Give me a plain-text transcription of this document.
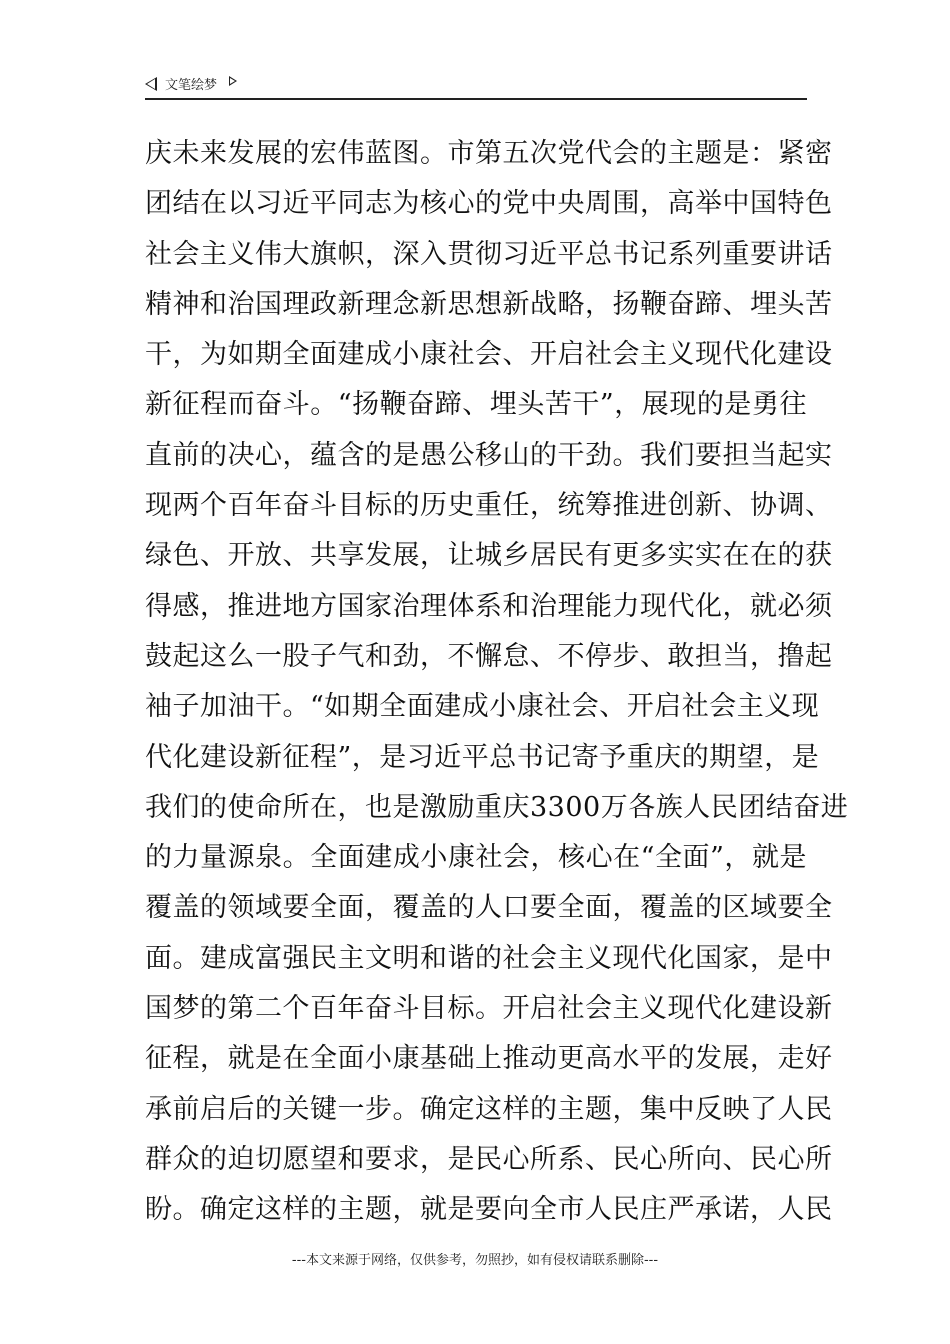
文笔绘梦
庆未来发展的宏伟蓝图。市第五次党代会的主题是：紧密
团结在以习近平同志为核心的党中央周围，高举中国特色
社会主义伟大旗帜，深入贯彻习近平总书记系列重要讲话
精神和治国理政新理念新思想新战略，扬鞭奋蹄、埋头苦
干，为如期全面建成小康社会、开启社会主义现代化建设
新征程而奋斗。“扬鞭奋蹄、埋头苦干”，展现的是勇往
直前的决心，蕴含的是愚公移山的干劲。我们要担当起实
现两个百年奋斗目标的历史重任，统筹推进创新、协调、
绿色、开放、共享发展，让城乡居民有更多实实在在的获
得感，推进地方国家治理体系和治理能力现代化，就必须
鼓起这么一股子气和劲，不懈怠、不停步、敢担当，撸起
袖子加油干。“如期全面建成小康社会、开启社会主义现
代化建设新征程”，是习近平总书记寄予重庆的期望，是
我们的使命所在，也是激励重庆3300万各族人民团结奋进
的力量源泉。全面建成小康社会，核心在“全面”，就是
覆盖的领域要全面，覆盖的人口要全面，覆盖的区域要全
面。建成富强民主文明和谐的社会主义现代化国家，是中
国梦的第二个百年奋斗目标。开启社会主义现代化建设新
征程，就是在全面小康基础上推动更高水平的发展，走好
承前启后的关键一步。确定这样的主题，集中反映了人民
群众的迫切愿望和要求，是民心所系、民心所向、民心所
盼。确定这样的主题，就是要向全市人民庄严承诺，人民
---本文来源于网络，仅供参考，勿照抄，如有侵权请联系删除---
